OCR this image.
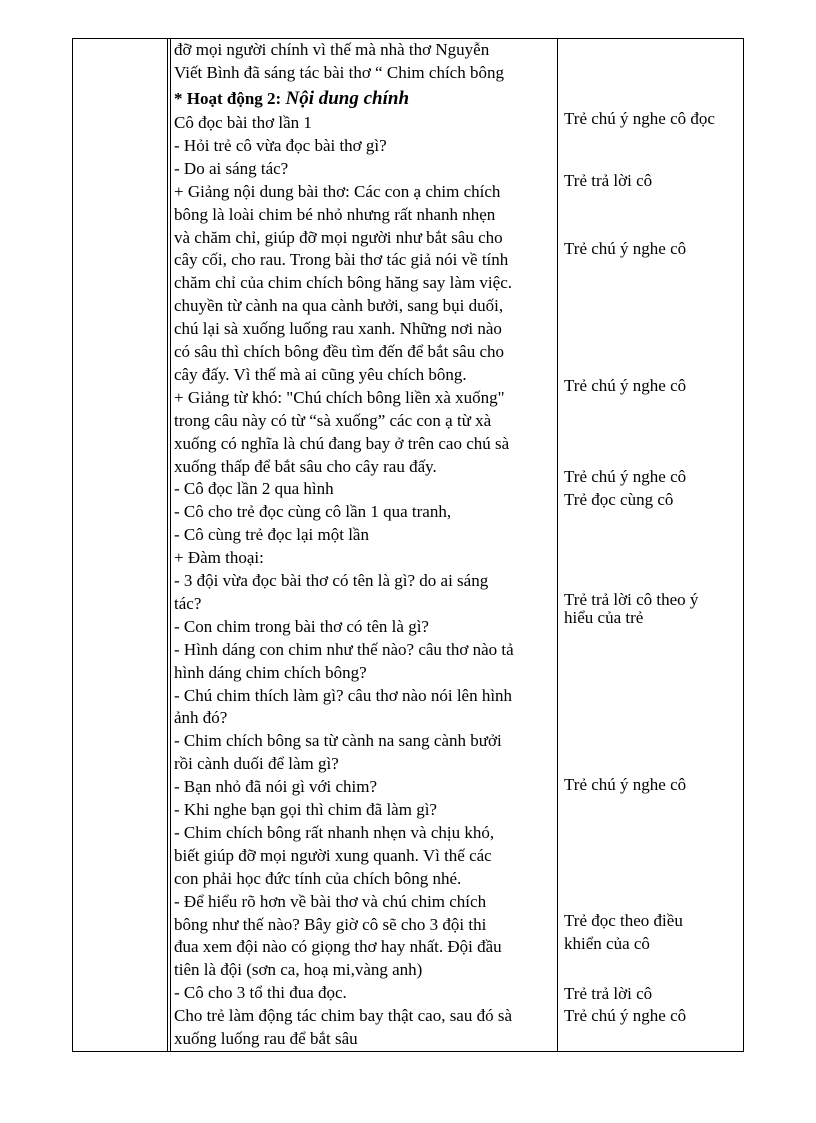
đỡ mọi người chính vì thế mà nhà thơ Nguyễn
Viết Bình đã sáng tác bài thơ “ Chim chích bông
* Hoạt động 2: Nội dung chính
Cô đọc bài thơ lần 1
- Hỏi trẻ cô vừa đọc bài thơ gì?
- Do ai sáng tác?
+ Giảng nội dung bài thơ: Các con ạ chim chích
bông là loài chim bé nhỏ nhưng rất nhanh nhẹn
và chăm chỉ, giúp đỡ mọi người như bắt sâu cho
cây cối, cho rau. Trong bài thơ tác giả nói về tính
chăm chỉ của chim chích bông hăng say làm việc.
chuyền từ cành na qua cành bưởi, sang bụi duối,
chú lại sà xuống luống rau xanh. Những nơi nào
có sâu thì chích bông đều tìm đến để bắt sâu cho
cây đấy. Vì thế mà ai cũng yêu chích bông.
+ Giảng từ khó: "Chú chích bông liền xà xuống"
trong câu này có từ “sà xuống” các con ạ từ xà
xuống có nghĩa là chú đang bay ở trên cao chú sà
xuống thấp để bắt sâu cho cây rau đấy.
- Cô đọc lần 2 qua hình
- Cô cho trẻ đọc cùng cô lần 1 qua tranh,
- Cô cùng trẻ đọc lại một lần
+ Đàm thoại:
- 3 đội vừa đọc bài thơ có tên là gì? do ai sáng
tác?
- Con chim trong bài thơ có tên là gì?
- Hình dáng con chim như thế nào? câu thơ nào tả
hình dáng chim chích bông?
- Chú chim thích làm gì? câu thơ nào nói lên hình
ảnh đó?
- Chim chích bông sa từ cành na sang cành bưởi
rồi cành duối để làm gì?
- Bạn nhỏ đã nói gì với chim?
- Khi nghe bạn gọi thì chim đã làm gì?
- Chim chích bông rất nhanh nhẹn và chịu khó,
biết giúp đỡ mọi người xung quanh. Vì thế các
con phải học đức tính của chích bông nhé.
- Để hiểu rõ hơn về bài thơ và chú chim chích
bông như thế nào? Bây giờ cô sẽ cho 3 đội thi
đua xem đội nào có giọng thơ hay nhất. Đội đầu
tiên là đội (sơn ca, hoạ mi,vàng anh)
- Cô cho 3 tổ thi đua đọc.
Cho trẻ làm động tác chim bay thật cao, sau đó sà
xuống luống rau để bắt sâu
Trẻ chú ý nghe cô đọc
Trẻ trả lời cô
Trẻ chú ý nghe cô
Trẻ chú ý nghe cô
Trẻ chú ý nghe cô
Trẻ đọc cùng cô
Trẻ trả lời cô theo ý
hiểu của trẻ
Trẻ chú ý nghe cô
Trẻ đọc theo điều
khiển của cô
Trẻ trả lời cô
Trẻ chú ý nghe cô
